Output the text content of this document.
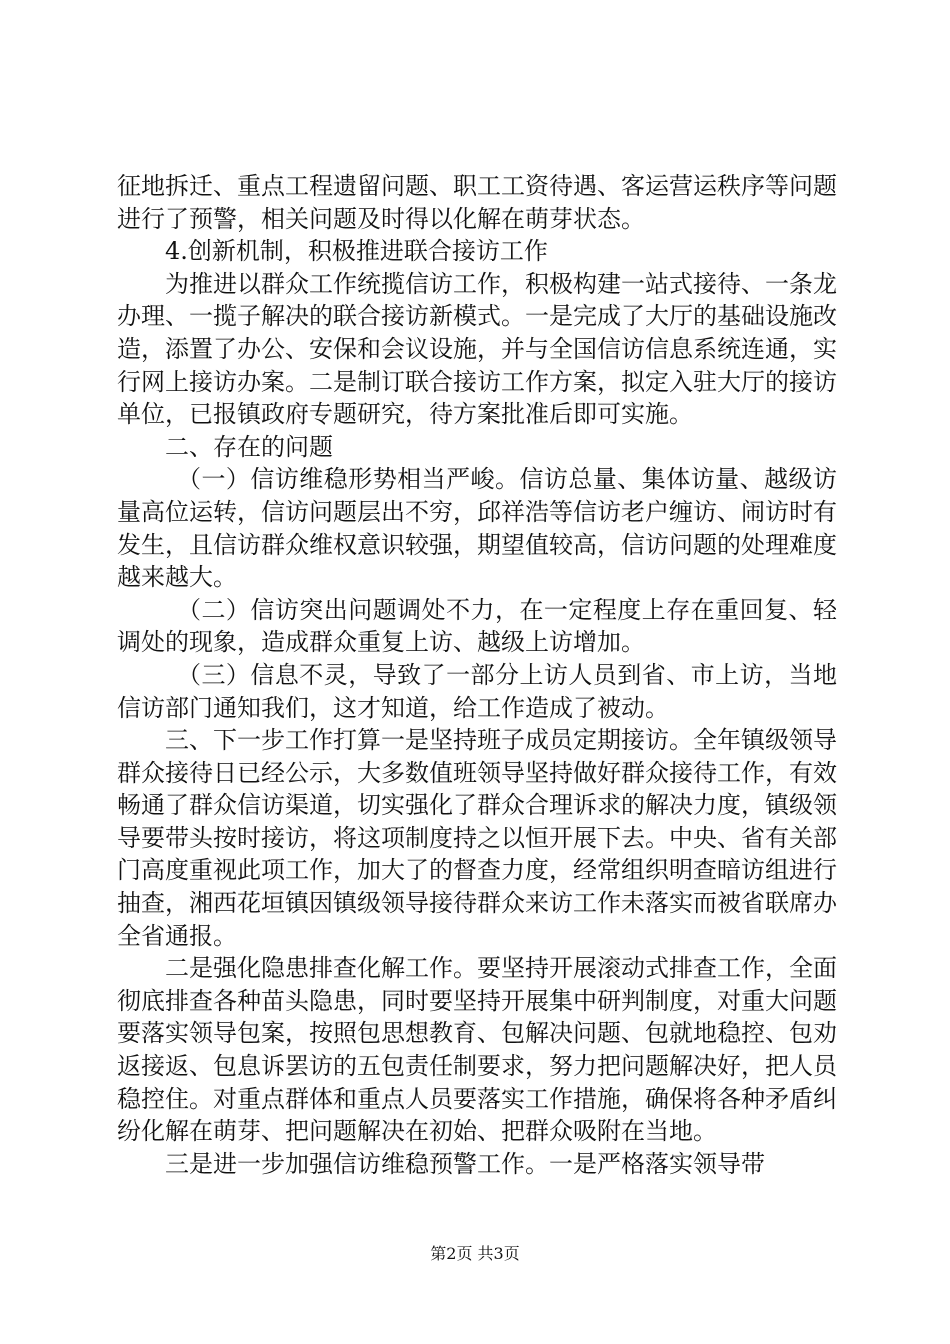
征地拆迁、重点工程遗留问题、职工工资待遇、客运营运秩序等问题进行了预警，相关问题及时得以化解在萌芽状态。

4.创新机制，积极推进联合接访工作

为推进以群众工作统揽信访工作，积极构建一站式接待、一条龙办理、一揽子解决的联合接访新模式。一是完成了大厅的基础设施改造，添置了办公、安保和会议设施，并与全国信访信息系统连通，实行网上接访办案。二是制订联合接访工作方案，拟定入驻大厅的接访单位，已报镇政府专题研究，待方案批准后即可实施。

二、存在的问题

（一）信访维稳形势相当严峻。信访总量、集体访量、越级访量高位运转，信访问题层出不穷，邱祥浩等信访老户缠访、闹访时有发生，且信访群众维权意识较强，期望值较高，信访问题的处理难度越来越大。

（二）信访突出问题调处不力，在一定程度上存在重回复、轻调处的现象，造成群众重复上访、越级上访增加。

（三）信息不灵，导致了一部分上访人员到省、市上访，当地信访部门通知我们，这才知道，给工作造成了被动。

三、下一步工作打算一是坚持班子成员定期接访。全年镇级领导群众接待日已经公示，大多数值班领导坚持做好群众接待工作，有效畅通了群众信访渠道，切实强化了群众合理诉求的解决力度，镇级领导要带头按时接访，将这项制度持之以恒开展下去。中央、省有关部门高度重视此项工作，加大了的督查力度，经常组织明查暗访组进行抽查，湘西花垣镇因镇级领导接待群众来访工作未落实而被省联席办全省通报。

二是强化隐患排查化解工作。要坚持开展滚动式排查工作，全面彻底排查各种苗头隐患，同时要坚持开展集中研判制度，对重大问题要落实领导包案，按照包思想教育、包解决问题、包就地稳控、包劝返接返、包息诉罢访的五包责任制要求，努力把问题解决好，把人员稳控住。对重点群体和重点人员要落实工作措施，确保将各种矛盾纠纷化解在萌芽、把问题解决在初始、把群众吸附在当地。

三是进一步加强信访维稳预警工作。一是严格落实领导带

第2页 共3页
